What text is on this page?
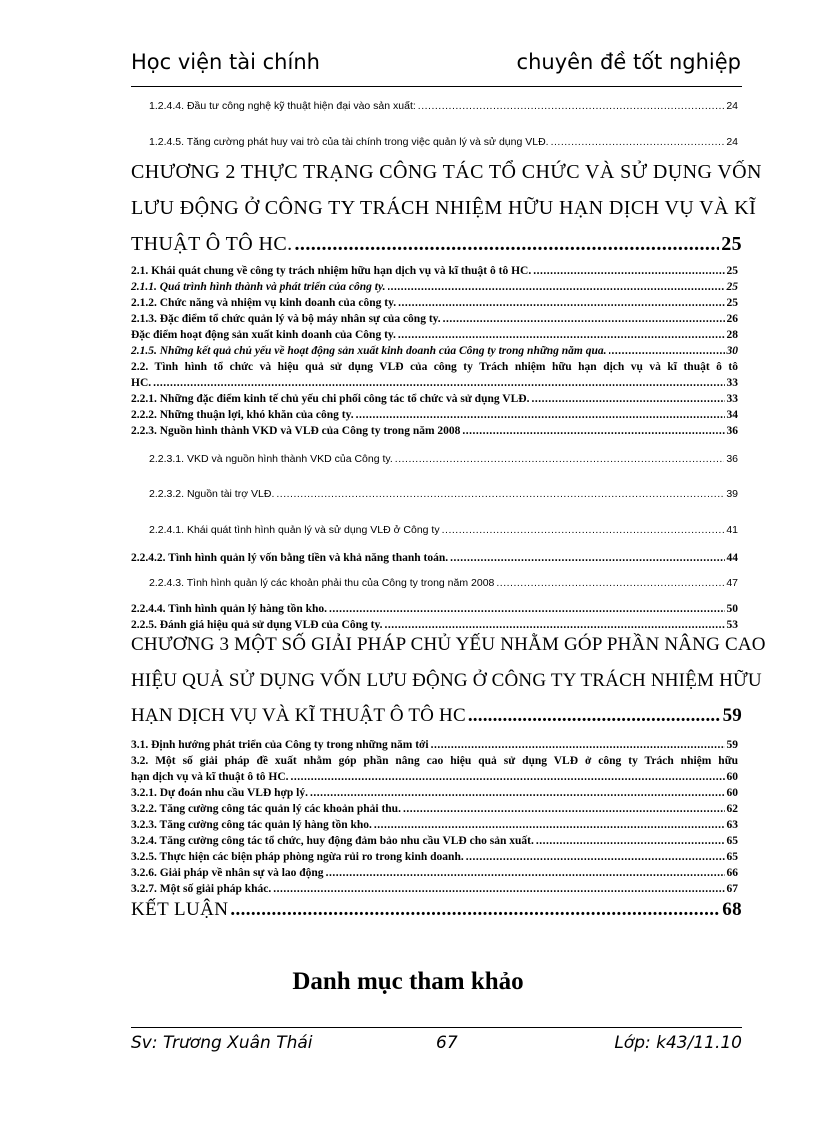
Học viện tài chính	chuyên đề tốt nghiệp
1.2.4.4. Đầu tư công nghệ kỹ thuật hiện đại vào sản xuất: .....	24
1.2.4.5. Tăng cường phát huy vai trò của tài chính trong việc quản lý và sử dụng VLĐ. .....	24
CHƯƠNG 2 THỰC TRẠNG CÔNG TÁC TỔ CHỨC VÀ SỬ DỤNG VỐN
LƯU ĐỘNG Ở CÔNG TY TRÁCH NHIỆM HỮU HẠN DỊCH VỤ VÀ KĨ
THUẬT Ô TÔ HC. .....	25
2.1. Khái quát chung về công ty trách nhiệm hữu hạn dịch vụ và kĩ thuật ô tô HC. .....	25
2.1.1. Quá trình hình thành và phát triển của công ty. .....	25
2.1.2. Chức năng và nhiệm vụ kinh doanh của công ty. .....	25
2.1.3. Đặc điểm tổ chức quản lý và bộ máy nhân sự của công ty. .....	26
Đặc điểm hoạt động sản xuất kinh doanh của Công ty. .....	28
2.1.5. Những kết quả chủ yếu về hoạt động sản xuất kinh doanh của Công ty trong những năm qua. .....	30
2.2. Tình hình tổ chức và hiệu quả sử dụng VLĐ của công ty Trách nhiệm hữu hạn dịch vụ và kĩ thuật ô tô
HC. .....	33
2.2.1. Những đặc điểm kinh tế chủ yếu chi phối công tác tổ chức và sử dụng VLĐ. .....	33
2.2.2. Những thuận lợi, khó khăn của công ty. .....	34
2.2.3. Nguồn hình thành VKD và VLĐ của Công ty trong năm 2008 .....	36
2.2.3.1. VKD và nguồn hình thành VKD của Công ty. .....	36
2.2.3.2. Nguồn tài trợ VLĐ. .....	39
2.2.4.1. Khái quát tình hình quản lý và sử dụng VLĐ ở Công ty .....	41
2.2.4.2. Tình hình quản lý vốn bằng tiền và khả năng thanh toán. .....	44
2.2.4.3. Tình hình quản lý các khoản phải thu của Công ty trong năm 2008 .....	47
2.2.4.4. Tình hình quản lý hàng tồn kho. .....	50
2.2.5. Đánh giá hiệu quả sử dụng VLĐ của Công ty. .....	53
CHƯƠNG 3 MỘT SỐ GIẢI PHÁP CHỦ YẾU NHẰM GÓP PHẦN NÂNG CAO
HIỆU QUẢ SỬ DỤNG VỐN LƯU ĐỘNG Ở CÔNG TY TRÁCH NHIỆM HỮU
HẠN DỊCH VỤ VÀ KĨ THUẬT Ô TÔ HC .....	59
3.1. Định hướng phát triển của Công ty trong những năm tới .....	59
3.2. Một số giải pháp đề xuất nhằm góp phần nâng cao hiệu quả sử dụng VLĐ ở công ty Trách nhiệm hữu
hạn dịch vụ và kĩ thuật ô tô HC. .....	60
3.2.1. Dự đoán nhu cầu VLĐ hợp lý. .....	60
3.2.2. Tăng cường công tác quản lý các khoản phải thu. .....	62
3.2.3. Tăng cường công tác quản lý hàng tồn kho. .....	63
3.2.4. Tăng cường công tác tổ chức, huy động đảm bảo nhu cầu VLĐ cho sản xuất. .....	65
3.2.5. Thực hiện các biện pháp phòng ngừa rủi ro trong kinh doanh. .....	65
3.2.6. Giải pháp về nhân sự và lao động .....	66
3.2.7. Một số giải pháp khác. .....	67
KẾT LUẬN .....	68
Danh mục tham khảo
Sv: Trương Xuân Thái	67	Lớp: k43/11.10
